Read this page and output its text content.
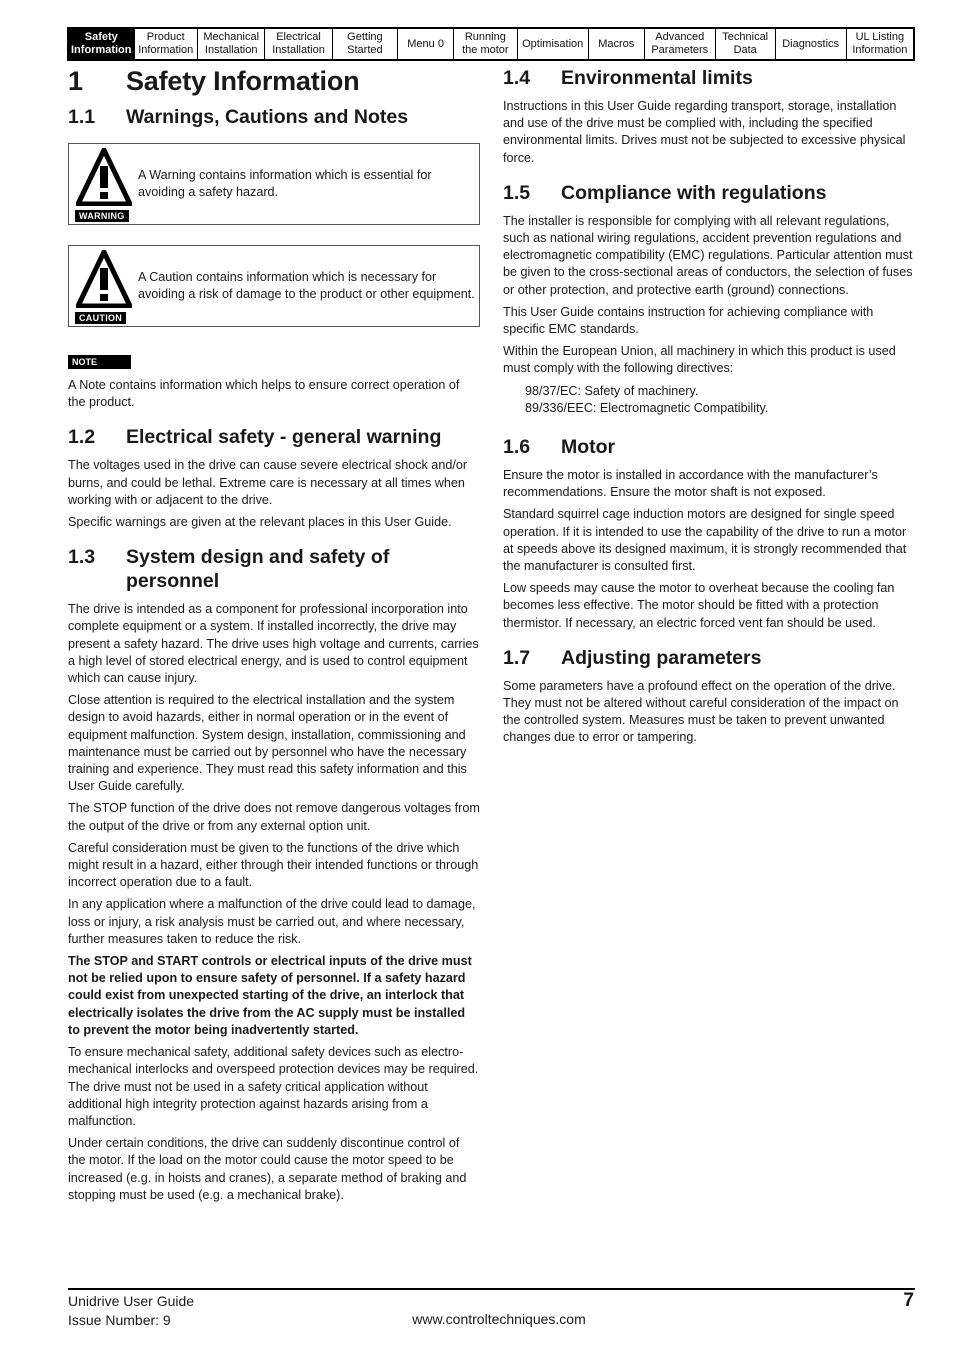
Safety
Information
Product
Information
Mechanical
Installation
Electrical
Installation
Getting
Started
Menu 0
Running
the motor
Optimisation	Macros
Advanced
Parameters
Technical
Data
Diagnostics
UL Listing
Information
1	Safety Information
1.1	Warnings, Cautions and Notes
WARNING
A Warning contains information which is essential for avoiding a safety hazard.
CAUTION
A Caution contains information which is necessary for avoiding a risk of damage to the product or other equipment.
NOTE

A Note contains information which helps to ensure correct operation of the product.

1.2	Electrical safety - general warning

The voltages used in the drive can cause severe electrical shock and/or burns, and could be lethal. Extreme care is necessary at all times when working with or adjacent to the drive.

Specific warnings are given at the relevant places in this User Guide.

1.3	System design and safety of personnel

The drive is intended as a component for professional incorporation into complete equipment or a system. If installed incorrectly, the drive may present a safety hazard. The drive uses high voltage and currents, carries a high level of stored electrical energy, and is used to control equipment which can cause injury.

Close attention is required to the electrical installation and the system design to avoid hazards, either in normal operation or in the event of equipment malfunction. System design, installation, commissioning and maintenance must be carried out by personnel who have the necessary training and experience. They must read this safety information and this User Guide carefully.

The STOP function of the drive does not remove dangerous voltages from the output of the drive or from any external option unit.

Careful consideration must be given to the functions of the drive which might result in a hazard, either through their intended functions or through incorrect operation due to a fault.

In any application where a malfunction of the drive could lead to damage, loss or injury, a risk analysis must be carried out, and where necessary, further measures taken to reduce the risk.

The STOP and START controls or electrical inputs of the drive must not be relied upon to ensure safety of personnel. If a safety hazard could exist from unexpected starting of the drive, an interlock that electrically isolates the drive from the AC supply must be installed to prevent the motor being inadvertently started.

To ensure mechanical safety, additional safety devices such as electro-mechanical interlocks and overspeed protection devices may be required. The drive must not be used in a safety critical application without additional high integrity protection against hazards arising from a malfunction.

Under certain conditions, the drive can suddenly discontinue control of the motor. If the load on the motor could cause the motor speed to be increased (e.g. in hoists and cranes), a separate method of braking and stopping must be used (e.g. a mechanical brake).

1.4	Environmental limits

Instructions in this User Guide regarding transport, storage, installation and use of the drive must be complied with, including the specified environmental limits. Drives must not be subjected to excessive physical force.

1.5	Compliance with regulations

The installer is responsible for complying with all relevant regulations, such as national wiring regulations, accident prevention regulations and electromagnetic compatibility (EMC) regulations. Particular attention must be given to the cross-sectional areas of conductors, the selection of fuses or other protection, and protective earth (ground) connections.

This User Guide contains instruction for achieving compliance with specific EMC standards.

Within the European Union, all machinery in which this product is used must comply with the following directives:

98/37/EC: Safety of machinery.

89/336/EEC: Electromagnetic Compatibility.

1.6	Motor

Ensure the motor is installed in accordance with the manufacturer’s recommendations. Ensure the motor shaft is not exposed.

Standard squirrel cage induction motors are designed for single speed operation. If it is intended to use the capability of the drive to run a motor at speeds above its designed maximum, it is strongly recommended that the manufacturer is consulted first.

Low speeds may cause the motor to overheat because the cooling fan becomes less effective. The motor should be fitted with a protection thermistor. If necessary, an electric forced vent fan should be used.

1.7	Adjusting parameters

Some parameters have a profound effect on the operation of the drive. They must not be altered without careful consideration of the impact on the controlled system. Measures must be taken to prevent unwanted changes due to error or tampering.

Unidrive User Guide
Issue Number: 9	www.controltechniques.com
7
